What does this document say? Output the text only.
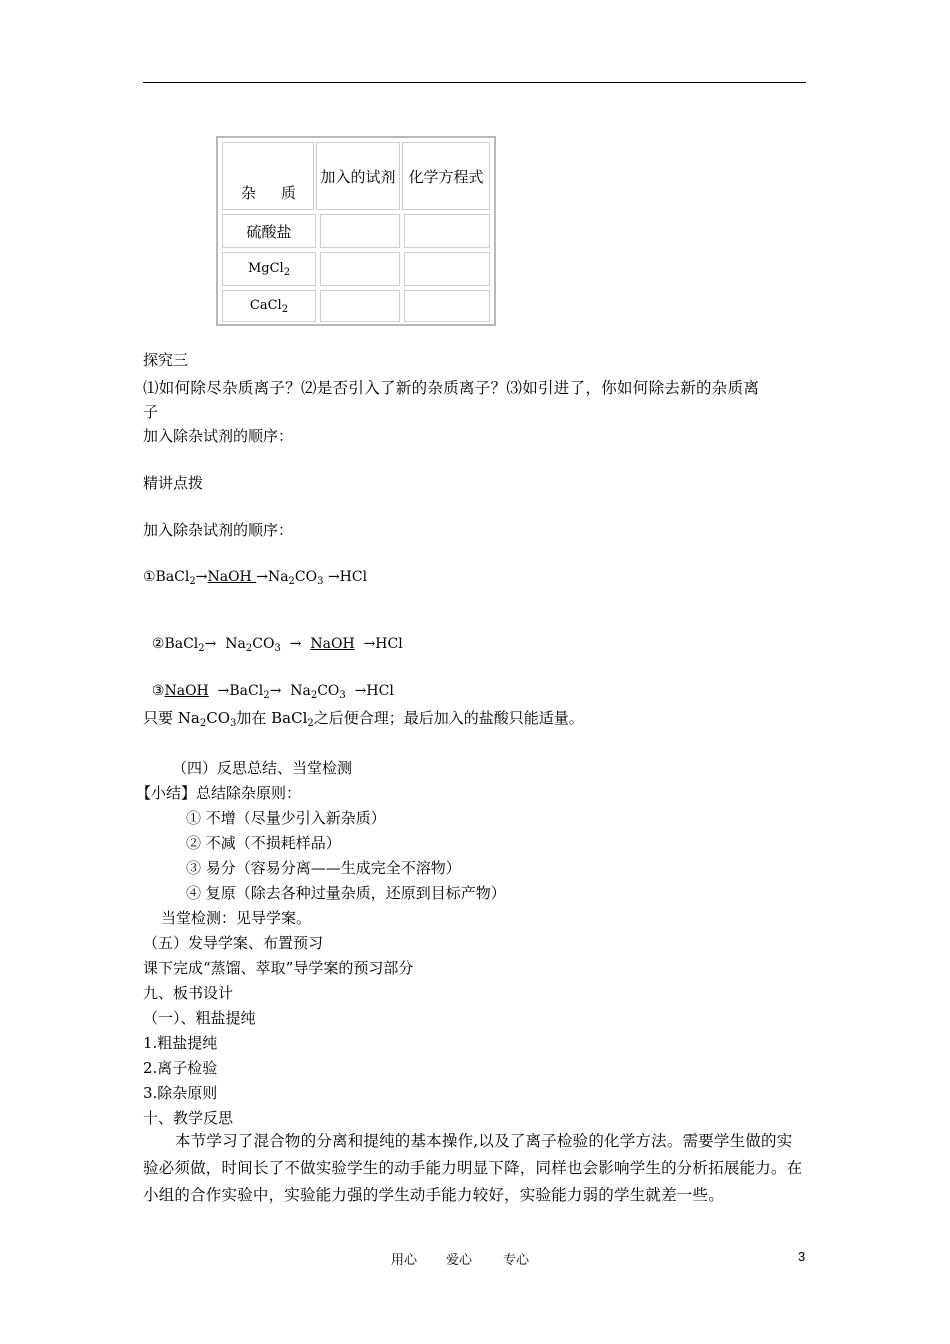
杂 质
加入的试剂 化学方程式
硫酸盐
MgCl$_2$
CaCl$_2$
探究三
⑴如何除尽杂质离子？⑵是否引入了新的杂质离子？⑶如引进了，你如何除去新的杂质离
子
加入除杂试剂的顺序：
精讲点拨
加入除杂试剂的顺序：
①BaCl$_2$→NaOH $\to Na_2CO_3 \to HCl$

②BaCl$_2$→  $Na_2CO_3$  →  NaOH  →HCl

③NaOH  →BaCl$_2$→  $Na_2CO_3 \to HCl$

只要 $Na_2CO_3$加在 BaCl$_2$之后便合理；最后加入的盐酸只能适量。
（四）反思总结、当堂检测
【小结】总结除杂原则：
① 不增（尽量少引入新杂质）
② 不减（不损耗样品）
③ 易分（容易分离——生成完全不溶物）
④ 复原（除去各种过量杂质，还原到目标产物）
当堂检测：见导学案。
（五）发导学案、布置预习
课下完成“蒸馏、萃取”导学案的预习部分
九、板书设计
（一）、粗盐提纯
1.粗盐提纯
2.离子检验
3.除杂原则
十、教学反思
本节学习了混合物的分离和提纯的基本操作,以及了离子检验的化学方法。需要学生做的实验必须做，时间长了不做实验学生的动手能力明显下降，同样也会影响学生的分析拓展能力。在小组的合作实验中，实验能力强的学生动手能力较好，实验能力弱的学生就差一些。
用心 爱心 专心	3
